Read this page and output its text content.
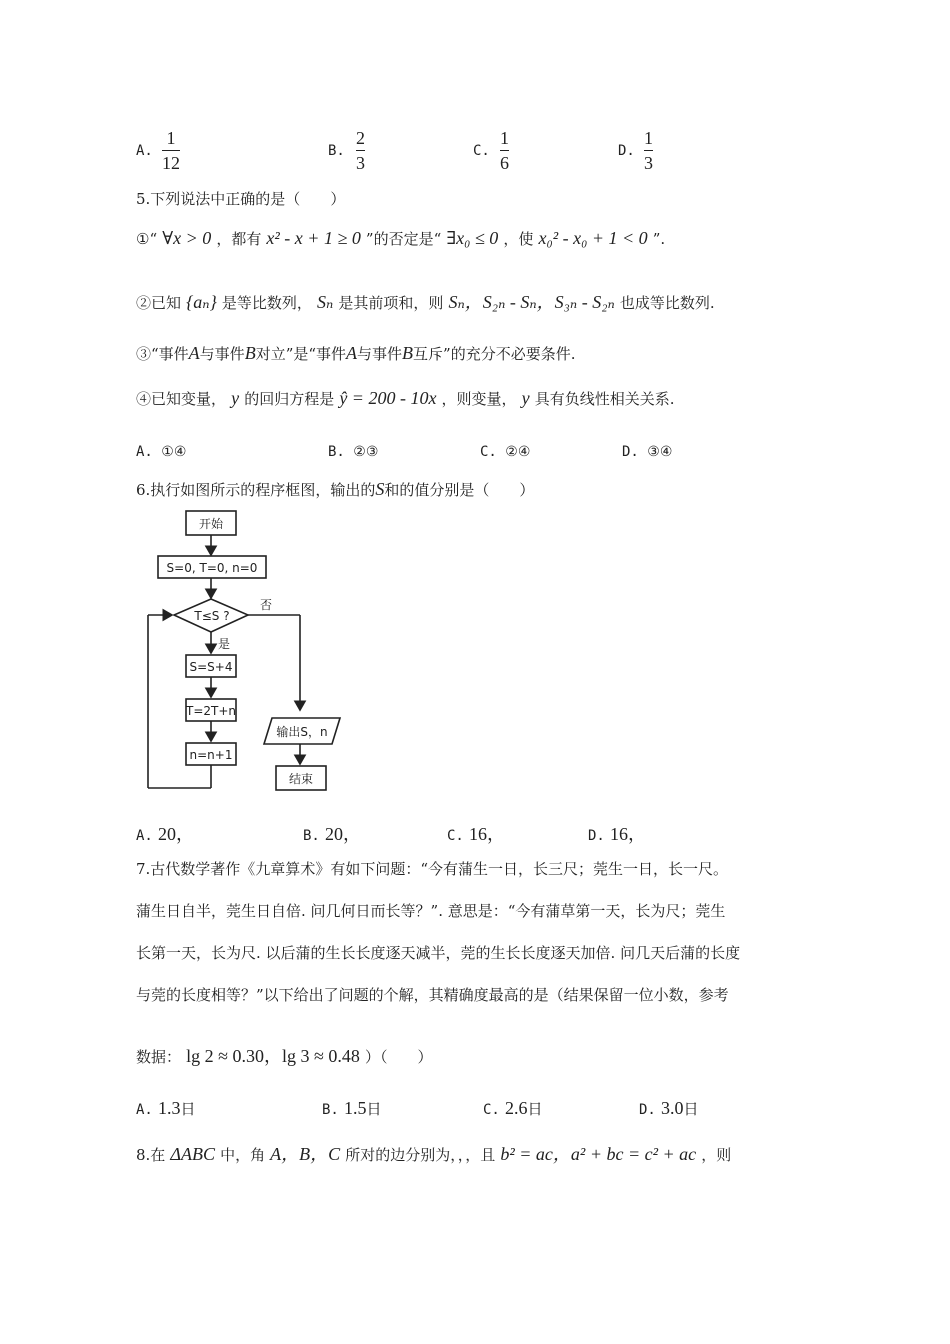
A.
1
12
B.
2
3
C.
1
6
D.
1
3
5.下列说法中正确的是（　　）
①“ ∀x > 0 ，都有 x² - x + 1 ≥ 0 ”的否定是“ ∃x₀ ≤ 0 ，使 x₀² - x₀ + 1 < 0 ”.
②已知 {aₙ} 是等比数列， Sₙ 是其前项和，则 Sₙ，S₂ₙ - Sₙ，S₃ₙ - S₂ₙ 也成等比数列.
③“事件A与事件B对立”是“事件A与事件B互斥”的充分不必要条件.
④已知变量， y 的回归方程是 ŷ = 200 - 10x ，则变量， y 具有负线性相关关系.
A. ①④	B. ②③	C. ②④	D. ③④
6.执行如图所示的程序框图，输出的S和的值分别是（　　）
开始
S=0, T=0, n=0
T≤S ?
否
是
S=S+4
T=2T+n
n=n+1
输出S，n
结束
A. 20，	B. 20，	C. 16，	D. 16，
7.古代数学著作《九章算术》有如下问题：“今有蒲生一日，长三尺；莞生一日，长一尺。
蒲生日自半，莞生日自倍. 问几何日而长等？”. 意思是：“今有蒲草第一天，长为尺；莞生
长第一天，长为尺. 以后蒲的生长长度逐天减半，莞的生长长度逐天加倍. 问几天后蒲的长度
与莞的长度相等？”以下给出了问题的个解，其精确度最高的是（结果保留一位小数，参考
数据： lg 2 ≈ 0.30，lg 3 ≈ 0.48 ）（　　）
A. 1.3日	B. 1.5日	C. 2.6日	D. 3.0日
8.在 ΔABC 中，角 A，B，C 所对的边分别为，，，且 b² = ac，a² + bc = c² + ac ，则
